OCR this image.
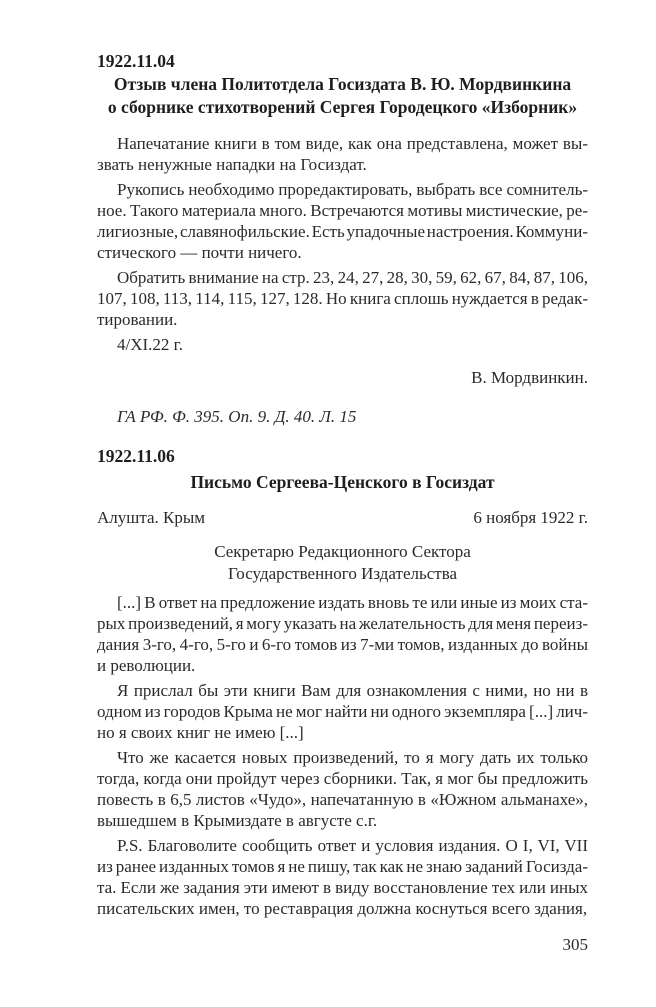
1922.11.04
Отзыв члена Политотдела Госиздата В. Ю. Мордвинкина
о сборнике стихотворений Сергея Городецкого «Изборник»
Напечатание книги в том виде, как она представлена, может вы-
звать ненужные нападки на Госиздат.
Рукопись необходимо проредактировать, выбрать все сомнитель-
ное. Такого материала много. Встречаются мотивы мистические, ре-
лигиозные, славянофильские. Есть упадочные настроения. Коммуни-
стического — почти ничего.
Обратить внимание на стр. 23, 24, 27, 28, 30, 59, 62, 67, 84, 87, 106,
107, 108, 113, 114, 115, 127, 128. Но книга сплошь нуждается в редак-
тировании.
4/XI.22 г.
В. Мордвинкин.
ГА РФ. Ф. 395. Оп. 9. Д. 40. Л. 15
1922.11.06
Письмо Сергеева-Ценского в Госиздат
Алушта. Крым	6 ноября 1922 г.
Секретарю Редакционного Сектора
Государственного Издательства
[...] В ответ на предложение издать вновь те или иные из моих ста-
рых произведений, я могу указать на желательность для меня переиз-
дания 3-го, 4-го, 5-го и 6-го томов из 7-ми томов, изданных до войны
и революции.
Я прислал бы эти книги Вам для ознакомления с ними, но ни в
одном из городов Крыма не мог найти ни одного экземпляра [...] лич-
но я своих книг не имею [...]
Что же касается новых произведений, то я могу дать их только
тогда, когда они пройдут через сборники. Так, я мог бы предложить
повесть в 6,5 листов «Чудо», напечатанную в «Южном альманахе»,
вышедшем в Крымиздате в августе с.г.
P.S. Благоволите сообщить ответ и условия издания. О I, VI, VII
из ранее изданных томов я не пишу, так как не знаю заданий Госизда-
та. Если же задания эти имеют в виду восстановление тех или иных
писательских имен, то реставрация должна коснуться всего здания,
305
